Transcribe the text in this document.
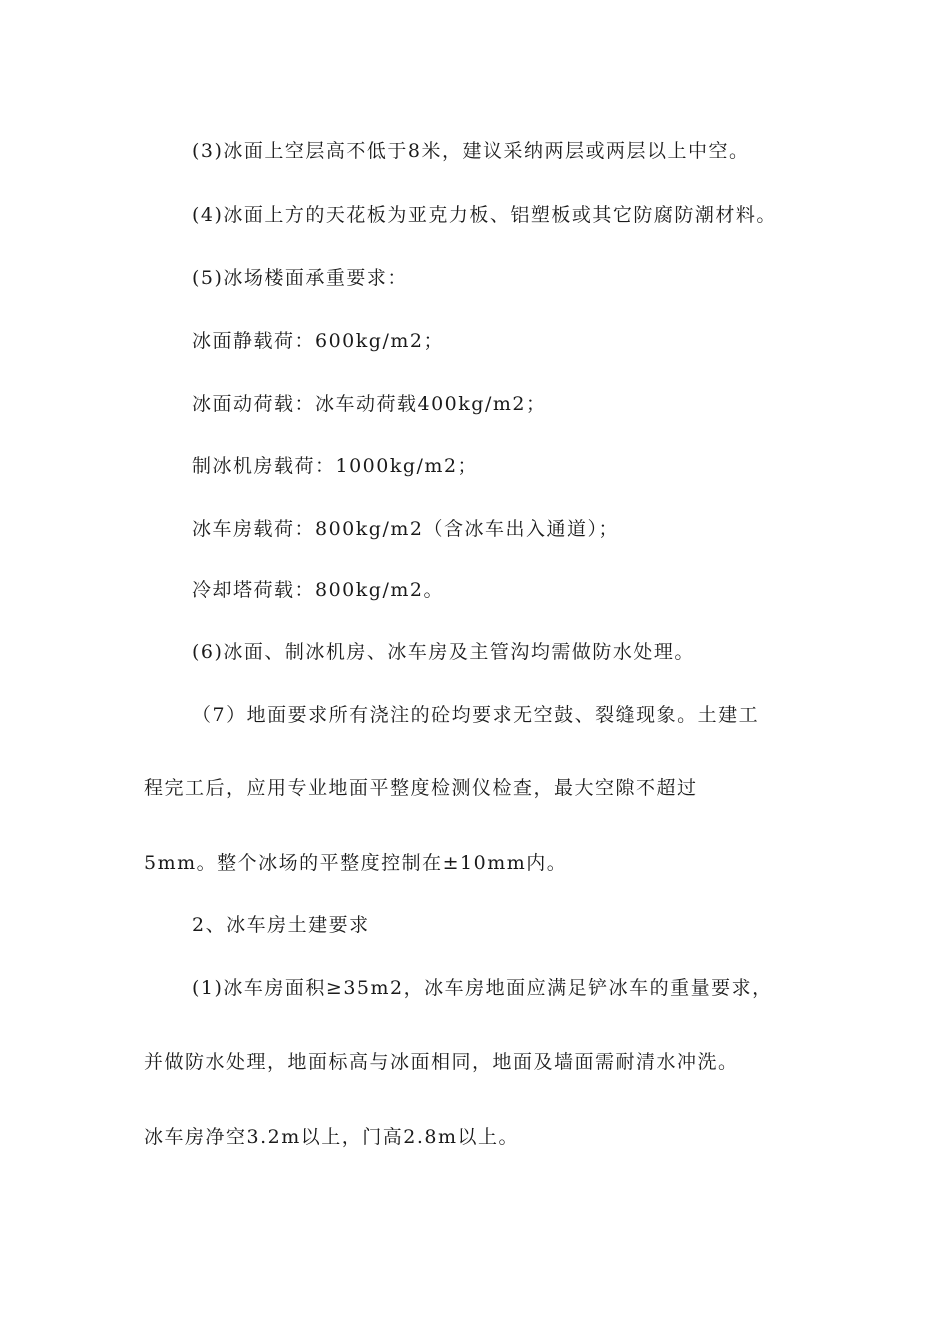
(3)冰面上空层高不低于8米，建议采纳两层或两层以上中空。

(4)冰面上方的天花板为亚克力板、铝塑板或其它防腐防潮材料。

(5)冰场楼面承重要求：

冰面静载荷：600kg/m2；

冰面动荷载：冰车动荷载400kg/m2；

制冰机房载荷：1000kg/m2；

冰车房载荷：800kg/m2（含冰车出入通道）；

冷却塔荷载：800kg/m2。

(6)冰面、制冰机房、冰车房及主管沟均需做防水处理。

（7）地面要求所有浇注的砼均要求无空鼓、裂缝现象。土建工

程完工后，应用专业地面平整度检测仪检查，最大空隙不超过

5mm。整个冰场的平整度控制在±10mm内。

2、冰车房土建要求

(1)冰车房面积≥35m2，冰车房地面应满足铲冰车的重量要求，

并做防水处理，地面标高与冰面相同，地面及墙面需耐清水冲洗。

冰车房净空3.2m以上，门高2.8m以上。
